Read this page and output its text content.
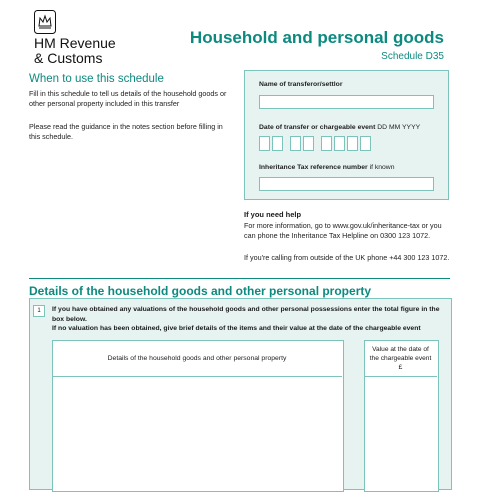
HM Revenue
& Customs
Household and personal goods
Schedule D35
When to use this schedule
Fill in this schedule to tell us details of the household goods or other personal property included in this transfer
Please read the guidance in the notes section before filling in this schedule.
Name of transferor/settlor
Date of transfer or chargeable event DD MM YYYY
Inheritance Tax reference number if known
If you need help
For more information, go to www.gov.uk/inheritance-tax or you can phone the Inheritance Tax Helpline on 0300 123 1072.
If you're calling from outside of the UK phone +44 300 123 1072.
Details of the household goods and other personal property
1	If you have obtained any valuations of the household goods and other personal possessions enter the total figure in the box below.
If no valuation has been obtained, give brief details of the items and their value at the date of the chargeable event
Details of the household goods and other personal property
Value at the date of
the chargeable event
£
